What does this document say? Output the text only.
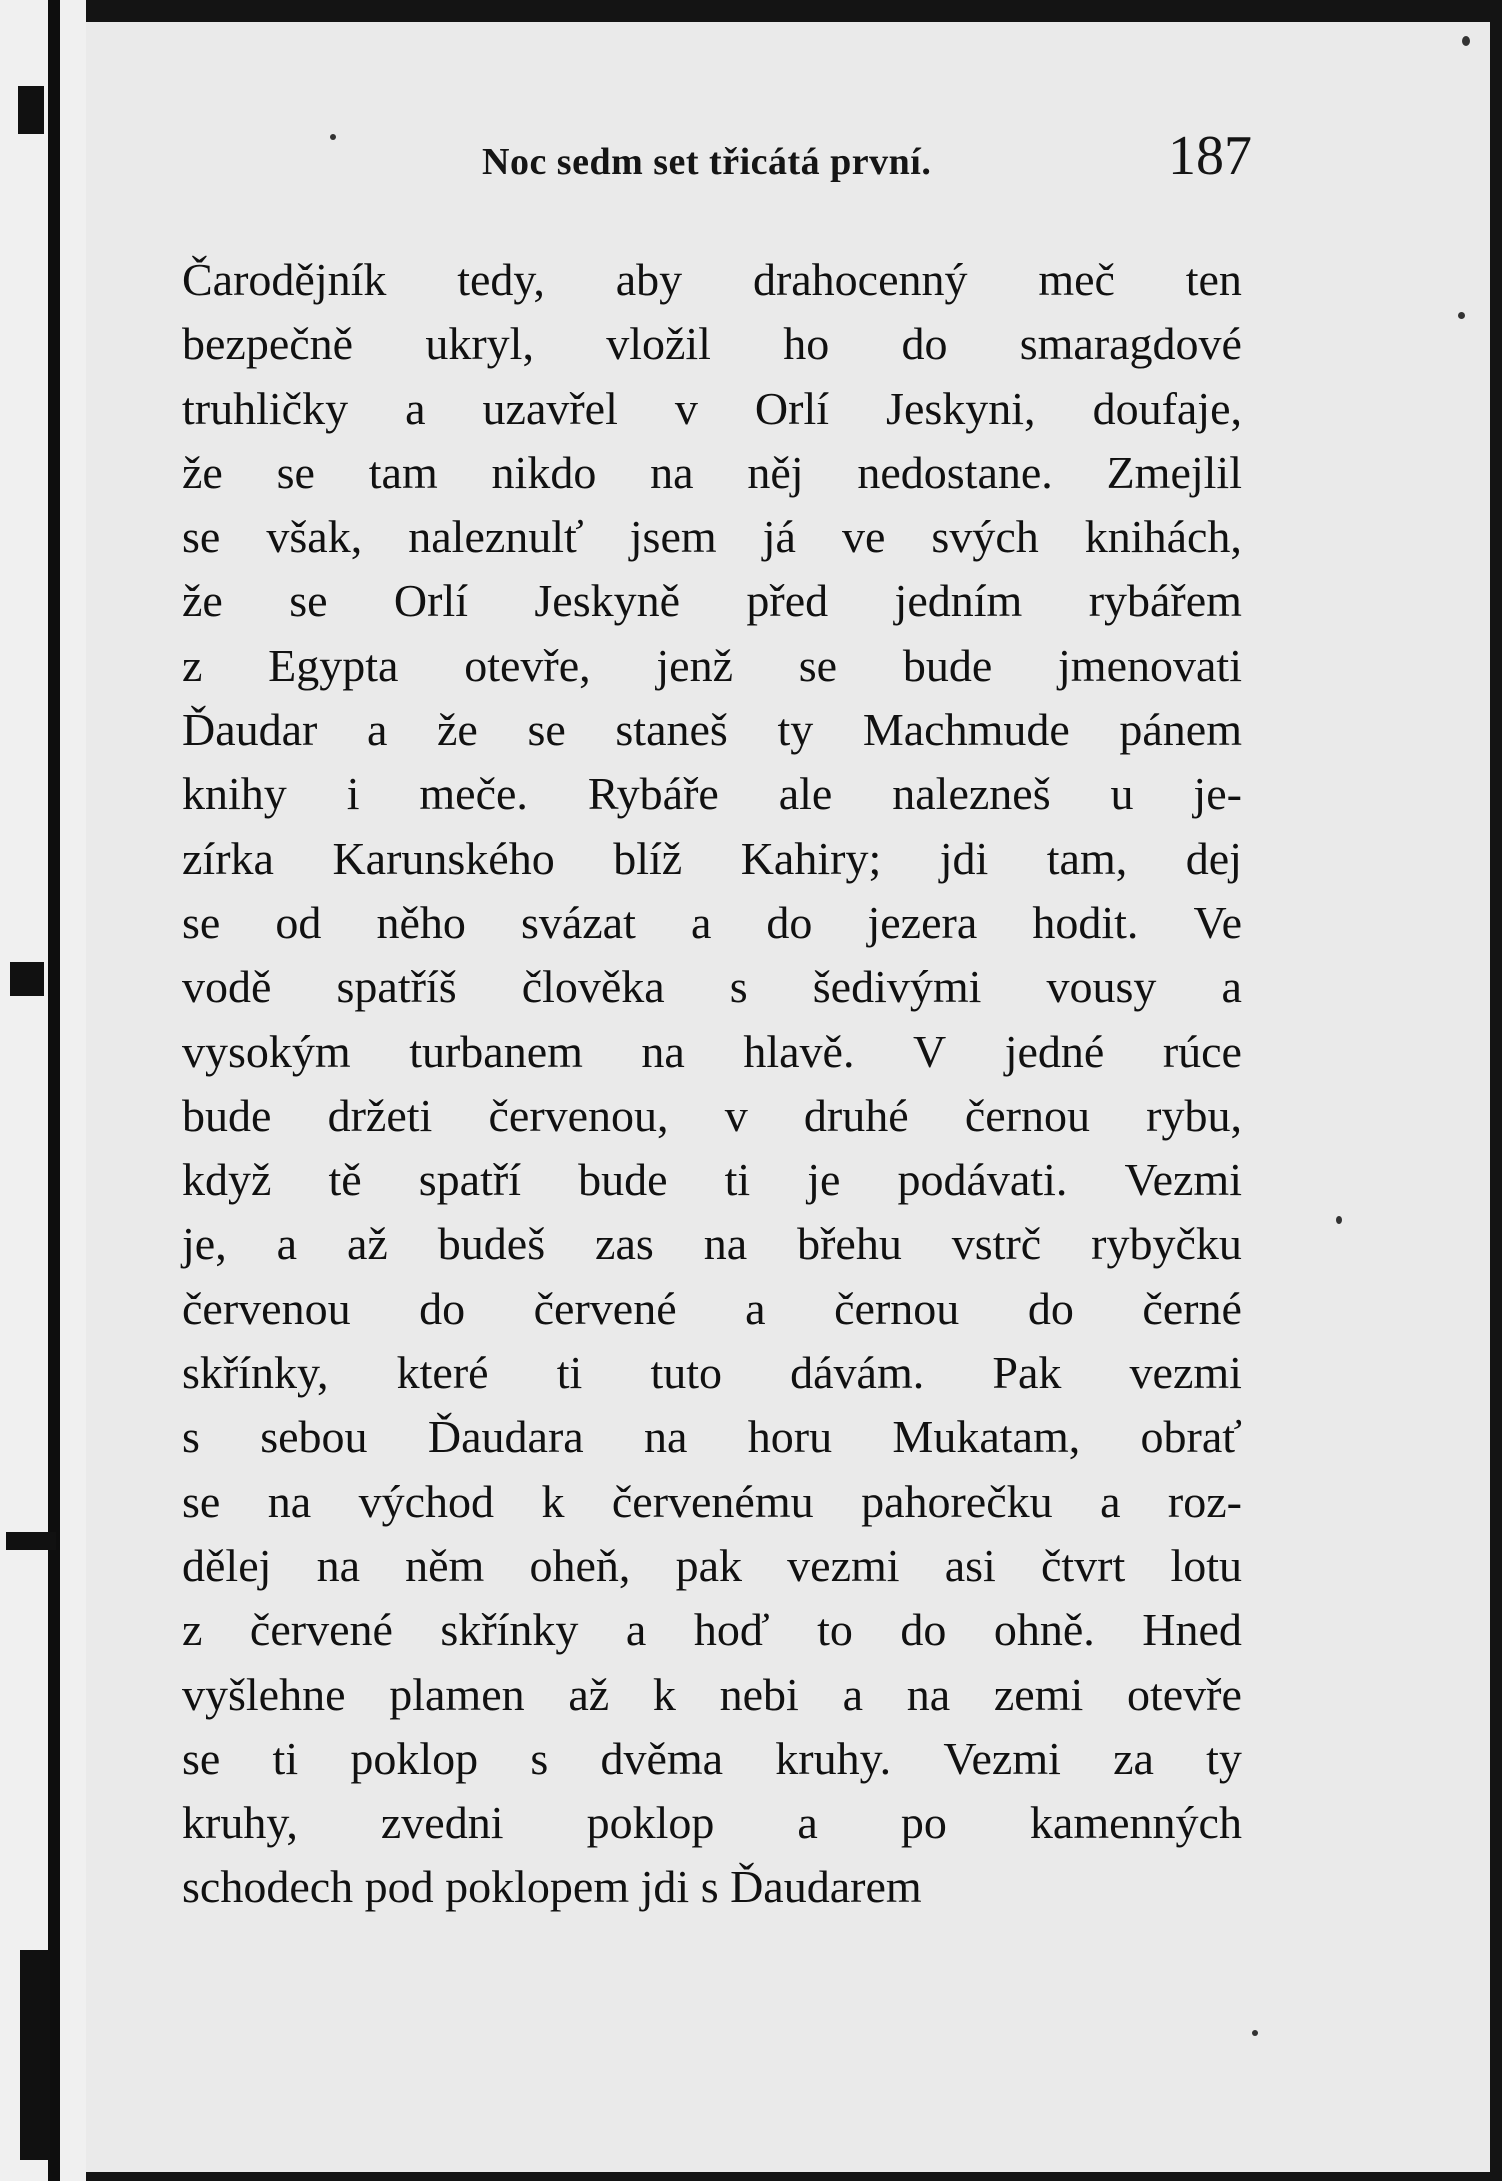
Noc sedm set třicátá první.	187
Čarodějník tedy, aby drahocenný meč ten
bezpečně ukryl, vložil ho do smaragdové
truhličky a uzavřel v Orlí Jeskyni, doufaje,
že se tam nikdo na něj nedostane. Zmejlil
se však, naleznulť jsem já ve svých knihách,
že se Orlí Jeskyně před jedním rybářem
z Egypta otevře, jenž se bude jmenovati
Ďaudar a že se staneš ty Machmude pánem
knihy i meče. Rybáře ale nalezneš u je-
zírka Karunského blíž Kahiry; jdi tam, dej
se od něho svázat a do jezera hodit. Ve
vodě spatříš člověka s šedivými vousy a
vysokým turbanem na hlavě. V jedné rúce
bude držeti červenou, v druhé černou rybu,
když tě spatří bude ti je podávati. Vezmi
je, a až budeš zas na břehu vstrč rybyčku
červenou do červené a černou do černé
skřínky, které ti tuto dávám. Pak vezmi
s sebou Ďaudara na horu Mukatam, obrať
se na východ k červenému pahorečku a roz-
dělej na něm oheň, pak vezmi asi čtvrt lotu
z červené skřínky a hoď to do ohně. Hned
vyšlehne plamen až k nebi a na zemi otevře
se ti poklop s dvěma kruhy. Vezmi za ty
kruhy, zvedni poklop a po kamenných
schodech pod poklopem jdi s Ďaudarem
